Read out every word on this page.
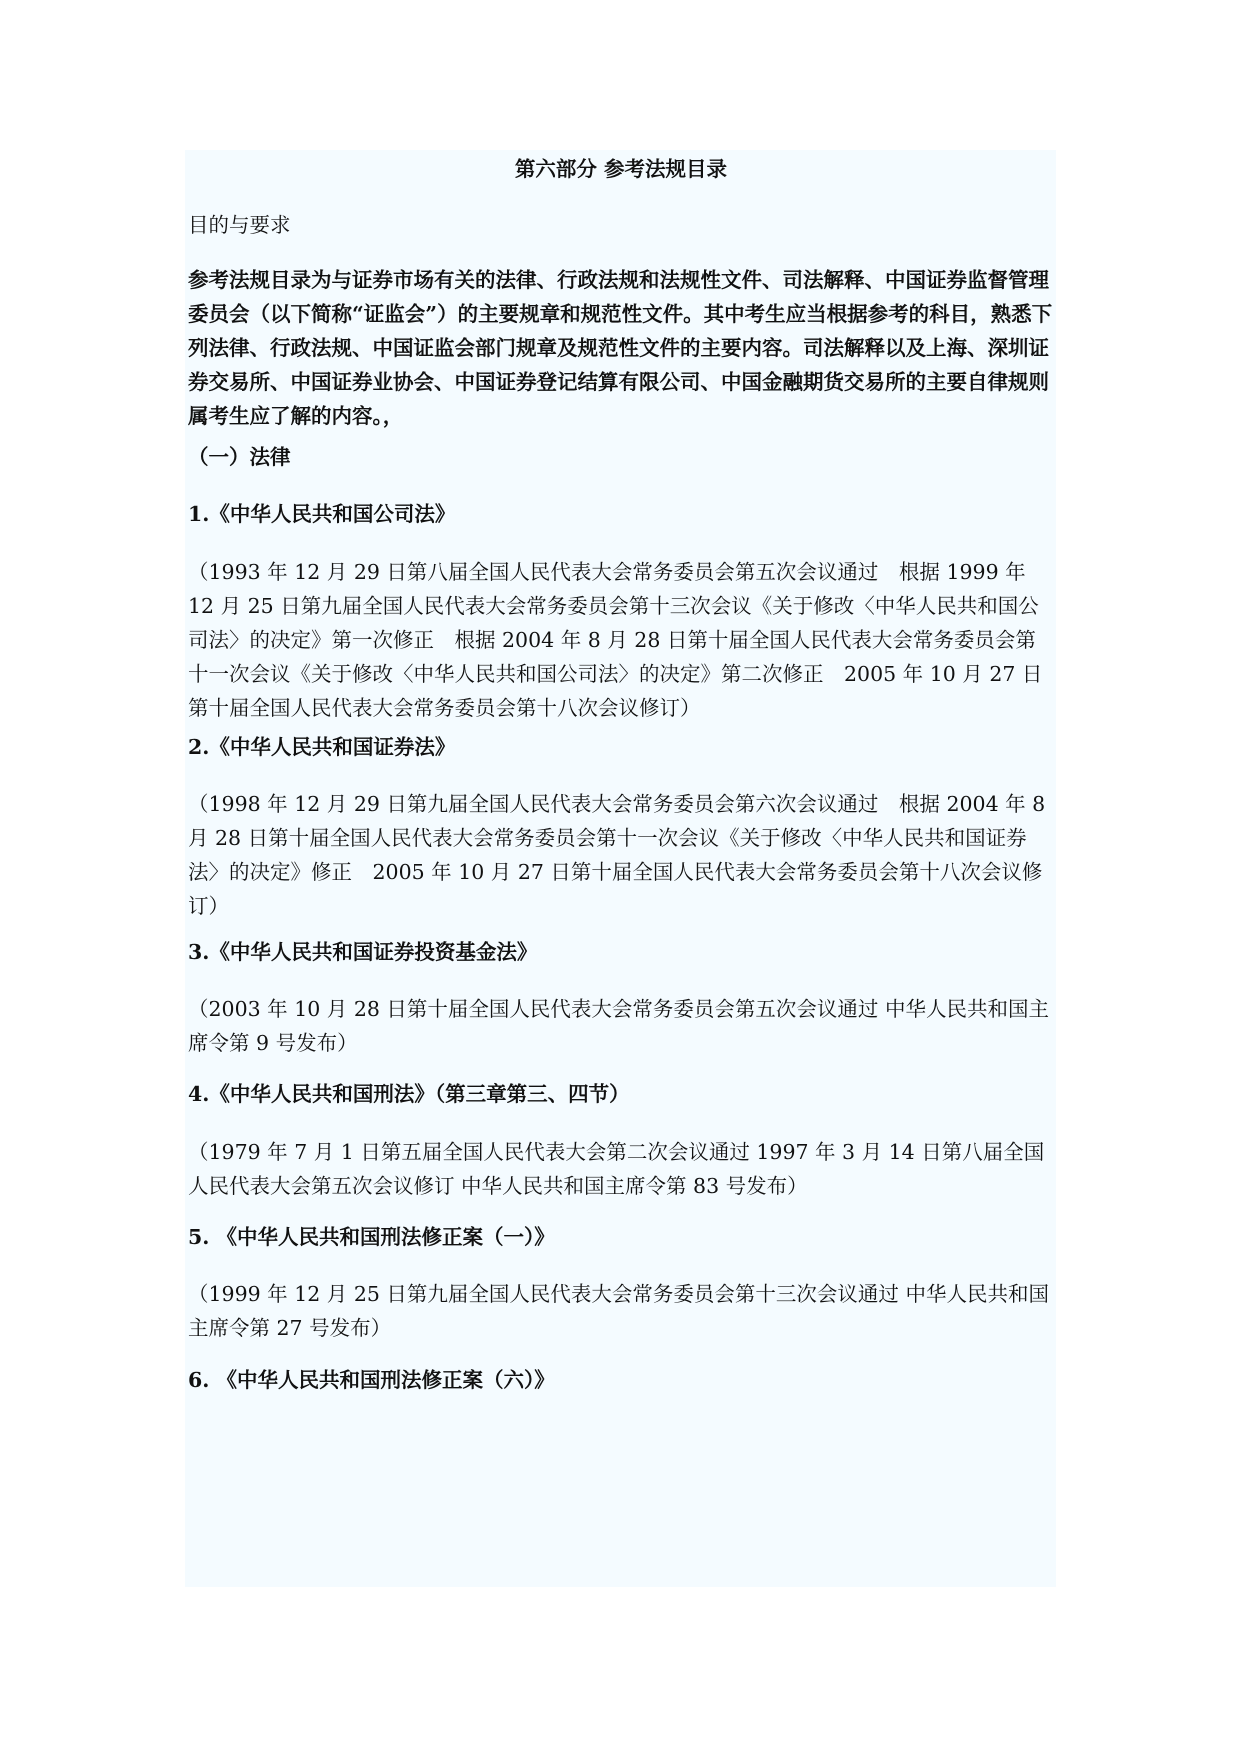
第六部分 参考法规目录

目的与要求

参考法规目录为与证券市场有关的法律、行政法规和法规性文件、司法解释、中国证券监督管理委员会（以下简称“证监会”）的主要规章和规范性文件。其中考生应当根据参考的科目，熟悉下列法律、行政法规、中国证监会部门规章及规范性文件的主要内容。司法解释以及上海、深圳证券交易所、中国证券业协会、中国证券登记结算有限公司、中国金融期货交易所的主要自律规则属考生应了解的内容。，

（一）法律

1.《中华人民共和国公司法》

（1993 年 12 月 29 日第八届全国人民代表大会常务委员会第五次会议通过　根据 1999 年 12 月 25 日第九届全国人民代表大会常务委员会第十三次会议《关于修改〈中华人民共和国公司法〉的决定》第一次修正　根据 2004 年 8 月 28 日第十届全国人民代表大会常务委员会第十一次会议《关于修改〈中华人民共和国公司法〉的决定》第二次修正　2005 年 10 月 27 日第十届全国人民代表大会常务委员会第十八次会议修订）

2.《中华人民共和国证券法》

（1998 年 12 月 29 日第九届全国人民代表大会常务委员会第六次会议通过　根据 2004 年 8 月 28 日第十届全国人民代表大会常务委员会第十一次会议《关于修改〈中华人民共和国证券法〉的决定》修正　2005 年 10 月 27 日第十届全国人民代表大会常务委员会第十八次会议修订）

3.《中华人民共和国证券投资基金法》

（2003 年 10 月 28 日第十届全国人民代表大会常务委员会第五次会议通过 中华人民共和国主席令第 9 号发布）

4.《中华人民共和国刑法》（第三章第三、四节）

（1979 年 7 月 1 日第五届全国人民代表大会第二次会议通过 1997 年 3 月 14 日第八届全国人民代表大会第五次会议修订 中华人民共和国主席令第 83 号发布）

5. 《中华人民共和国刑法修正案（一）》

（1999 年 12 月 25 日第九届全国人民代表大会常务委员会第十三次会议通过 中华人民共和国主席令第 27 号发布）

6. 《中华人民共和国刑法修正案（六）》
